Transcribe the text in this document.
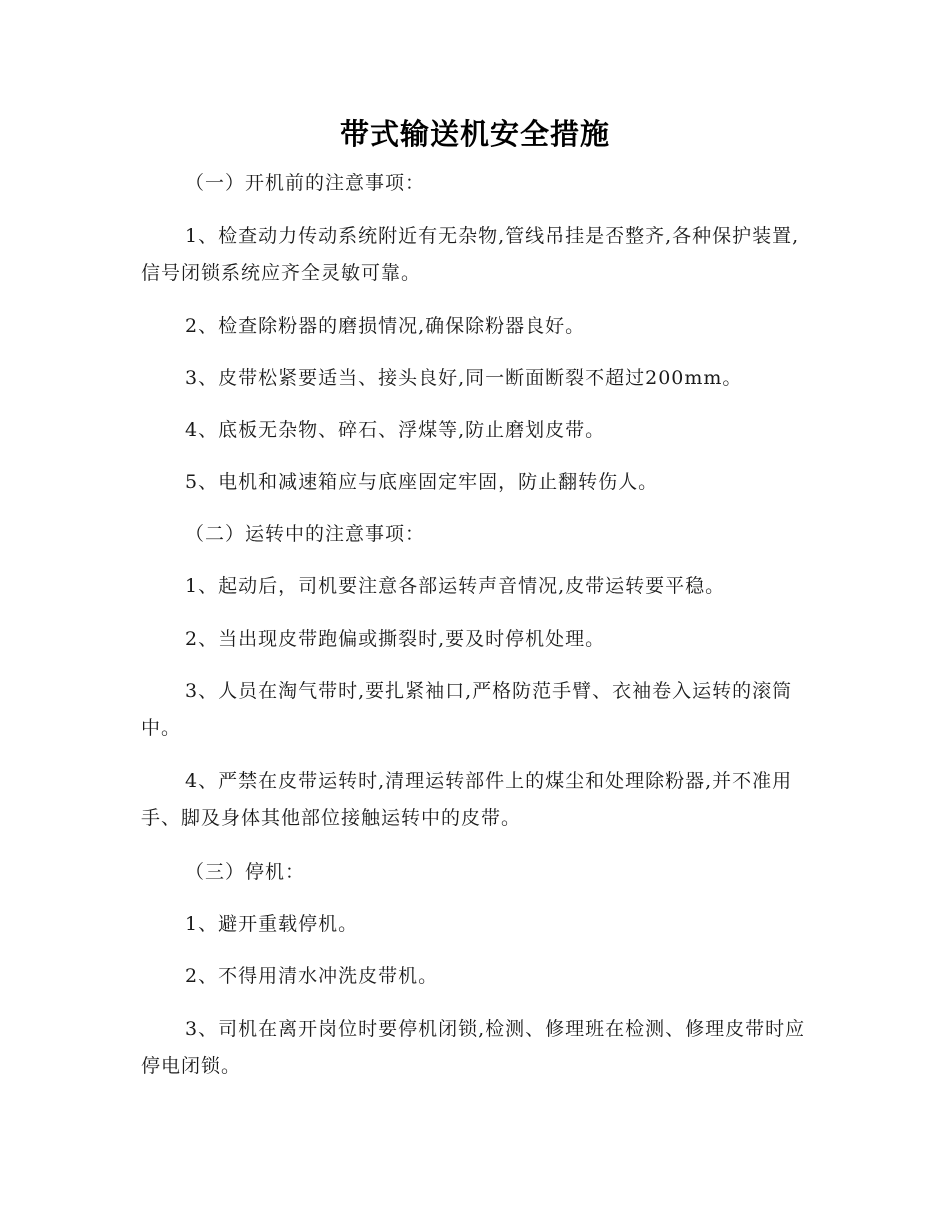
带式输送机安全措施
（一）开机前的注意事项：
1、检查动力传动系统附近有无杂物,管线吊挂是否整齐,各种保护装置,信号闭锁系统应齐全灵敏可靠。
2、检查除粉器的磨损情况,确保除粉器良好。
3、皮带松紧要适当、接头良好,同一断面断裂不超过200mm。
4、底板无杂物、碎石、浮煤等,防止磨划皮带。
5、电机和减速箱应与底座固定牢固，防止翻转伤人。
（二）运转中的注意事项：
1、起动后，司机要注意各部运转声音情况,皮带运转要平稳。
2、当出现皮带跑偏或撕裂时,要及时停机处理。
3、人员在淘气带时,要扎紧袖口,严格防范手臂、衣袖卷入运转的滚筒中。
4、严禁在皮带运转时,清理运转部件上的煤尘和处理除粉器,并不准用手、脚及身体其他部位接触运转中的皮带。
（三）停机：
1、避开重载停机。
2、不得用清水冲洗皮带机。
3、司机在离开岗位时要停机闭锁,检测、修理班在检测、修理皮带时应停电闭锁。
